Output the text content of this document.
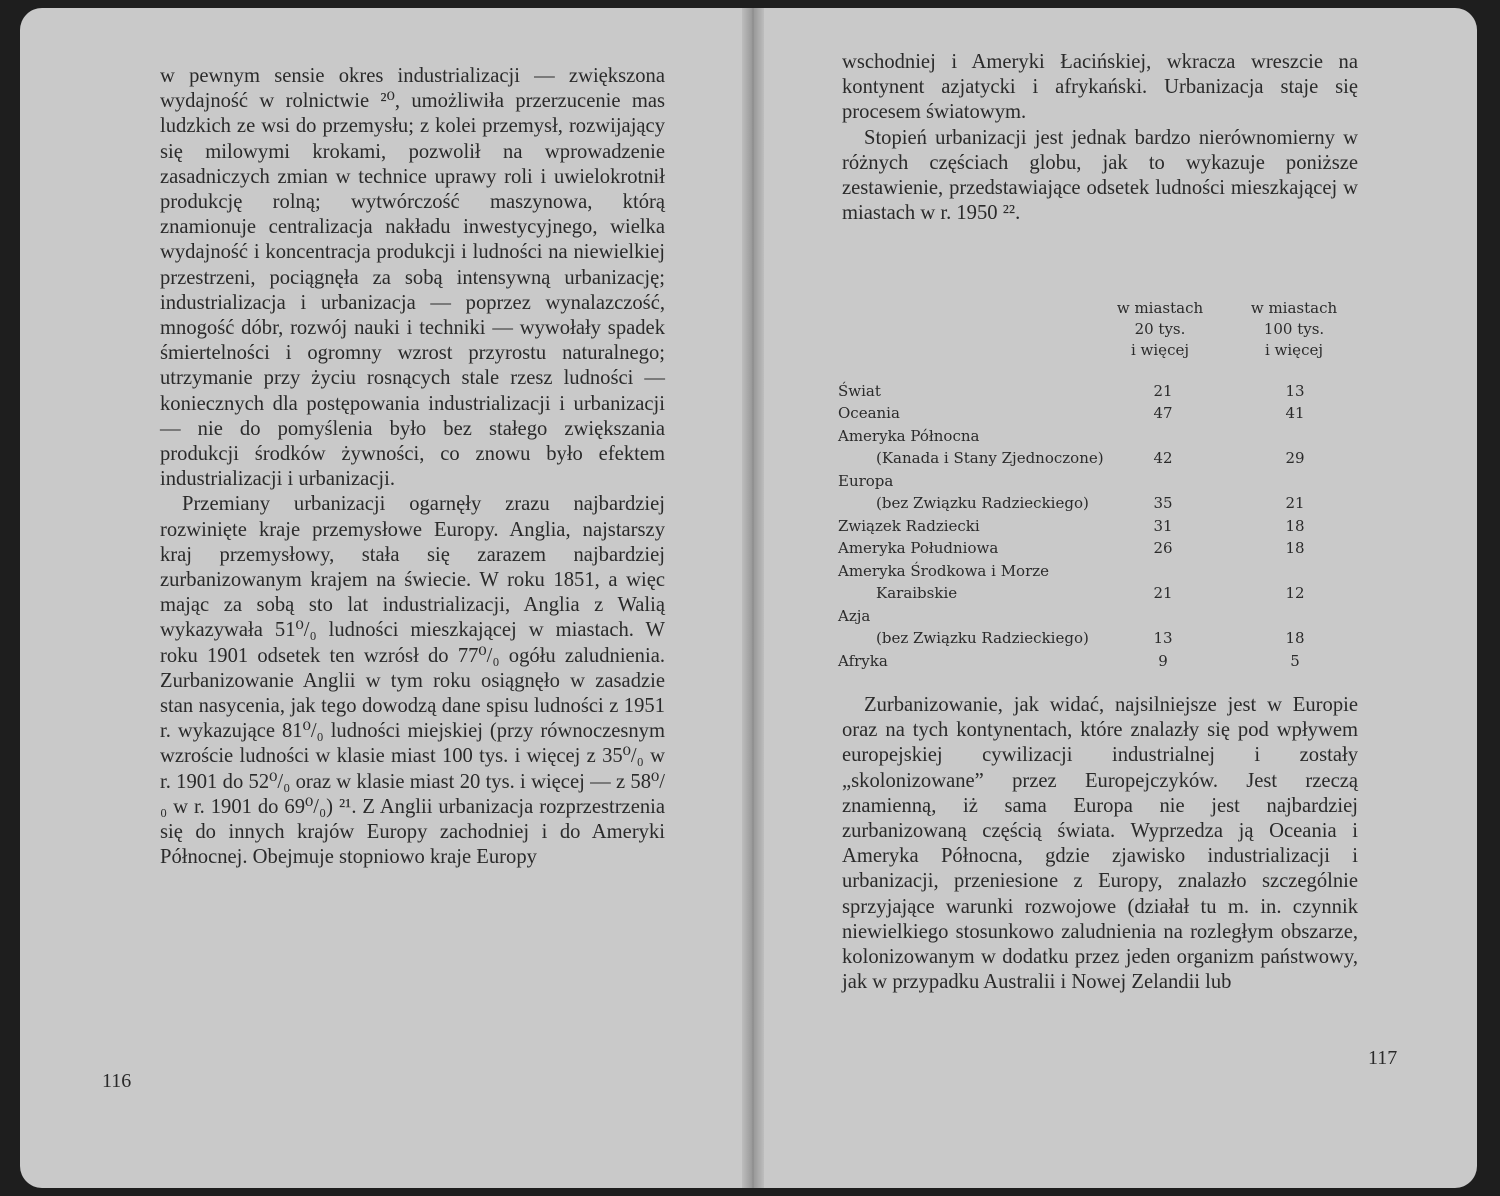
w pewnym sensie okres industrializacji — zwiększona wydajność w rolnictwie ²⁰, umożliwiła przerzucenie mas ludzkich ze wsi do przemysłu; z kolei przemysł, rozwijający się milowymi krokami, pozwolił na wprowadzenie zasadniczych zmian w technice uprawy roli i uwielokrotnił produkcję rolną; wytwórczość maszynowa, którą znamionuje centralizacja nakładu inwestycyjnego, wielka wydajność i koncentracja produkcji i ludności na niewielkiej przestrzeni, pociągnęła za sobą intensywną urbanizację; industrializacja i urbanizacja — poprzez wynalazczość, mnogość dóbr, rozwój nauki i techniki — wywołały spadek śmiertelności i ogromny wzrost przyrostu naturalnego; utrzymanie przy życiu rosnących stale rzesz ludności — koniecznych dla postępowania industrializacji i urbanizacji — nie do pomyślenia było bez stałego zwiększania produkcji środków żywności, co znowu było efektem industrializacji i urbanizacji.

Przemiany urbanizacji ogarnęły zrazu najbardziej rozwinięte kraje przemysłowe Europy. Anglia, najstarszy kraj przemysłowy, stała się zarazem najbardziej zurbanizowanym krajem na świecie. W roku 1851, a więc mając za sobą sto lat industrializacji, Anglia z Walią wykazywała 51⁰/₀ ludności mieszkającej w miastach. W roku 1901 odsetek ten wzrósł do 77⁰/₀ ogółu zaludnienia. Zurbanizowanie Anglii w tym roku osiągnęło w zasadzie stan nasycenia, jak tego dowodzą dane spisu ludności z 1951 r. wykazujące 81⁰/₀ ludności miejskiej (przy równoczesnym wzroście ludności w klasie miast 100 tys. i więcej z 35⁰/₀ w r. 1901 do 52⁰/₀ oraz w klasie miast 20 tys. i więcej — z 58⁰/₀ w r. 1901 do 69⁰/₀) ²¹. Z Anglii urbanizacja rozprzestrzenia się do innych krajów Europy zachodniej i do Ameryki Północnej. Obejmuje stopniowo kraje Europy

116

wschodniej i Ameryki Łacińskiej, wkracza wreszcie na kontynent azjatycki i afrykański. Urbanizacja staje się procesem światowym.

Stopień urbanizacji jest jednak bardzo nierównomierny w różnych częściach globu, jak to wykazuje poniższe zestawienie, przedstawiające odsetek ludności mieszkającej w miastach w r. 1950 ²².

w miastach
20 tys.
i więcej
w miastach
100 tys.
i więcej
Świat	21	13
Oceania	47	41
Ameryka Północna
(Kanada i Stany Zjednoczone)	42	29
Europa
(bez Związku Radzieckiego)	35	21
Związek Radziecki	31	18
Ameryka Południowa	26	18
Ameryka Środkowa i Morze
Karaibskie	21	12
Azja
(bez Związku Radzieckiego)	13	18
Afryka	9	5

Zurbanizowanie, jak widać, najsilniejsze jest w Europie oraz na tych kontynentach, które znalazły się pod wpływem europejskiej cywilizacji industrialnej i zostały „skolonizowane” przez Europejczyków. Jest rzeczą znamienną, iż sama Europa nie jest najbardziej zurbanizowaną częścią świata. Wyprzedza ją Oceania i Ameryka Północna, gdzie zjawisko industrializacji i urbanizacji, przeniesione z Europy, znalazło szczególnie sprzyjające warunki rozwojowe (działał tu m. in. czynnik niewielkiego stosunkowo zaludnienia na rozległym obszarze, kolonizowanym w dodatku przez jeden organizm państwowy, jak w przypadku Australii i Nowej Zelandii lub

117
